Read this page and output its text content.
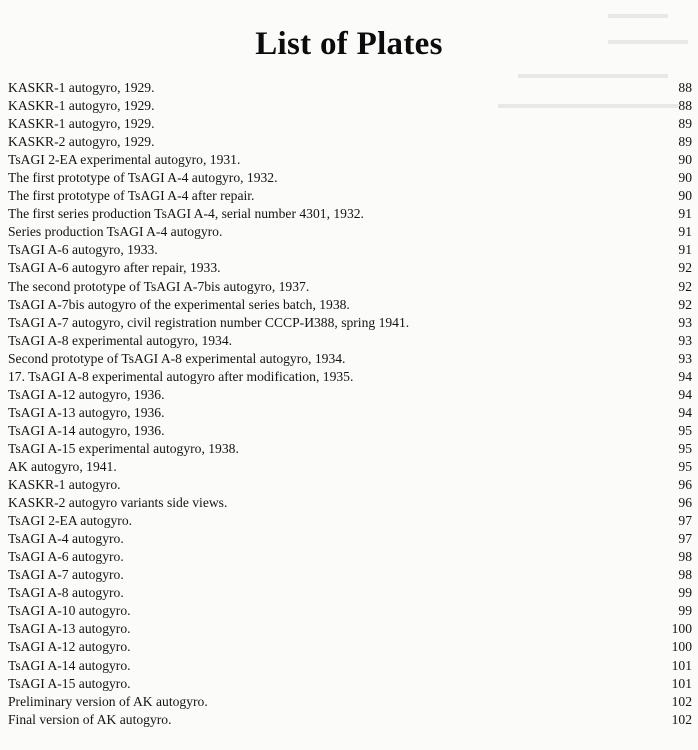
List of Plates
KASKR-1 autogyro, 1929.	88
KASKR-1 autogyro, 1929.	88
KASKR-1 autogyro, 1929.	89
KASKR-2 autogyro, 1929.	89
TsAGI 2-EA experimental autogyro, 1931.	90
The first prototype of TsAGI A-4 autogyro, 1932.	90
The first prototype of TsAGI A-4 after repair.	90
The first series production TsAGI A-4, serial number 4301, 1932.	91
Series production TsAGI A-4 autogyro.	91
TsAGI A-6 autogyro, 1933.	91
TsAGI A-6 autogyro after repair, 1933.	92
The second prototype of TsAGI A-7bis autogyro, 1937.	92
TsAGI A-7bis autogyro of the experimental series batch, 1938.	92
TsAGI A-7 autogyro, civil registration number СССР-И388, spring 1941.	93
TsAGI A-8 experimental autogyro, 1934.	93
Second prototype of TsAGI A-8 experimental autogyro, 1934.	93
17. TsAGI A-8 experimental autogyro after modification, 1935.	94
TsAGI A-12 autogyro, 1936.	94
TsAGI A-13 autogyro, 1936.	94
TsAGI A-14 autogyro, 1936.	95
TsAGI A-15 experimental autogyro, 1938.	95
AK autogyro, 1941.	95
KASKR-1 autogyro.	96
KASKR-2 autogyro variants side views.	96
TsAGI 2-EA autogyro.	97
TsAGI A-4 autogyro.	97
TsAGI A-6 autogyro.	98
TsAGI A-7 autogyro.	98
TsAGI A-8 autogyro.	99
TsAGI A-10 autogyro.	99
TsAGI A-13 autogyro.	100
TsAGI A-12 autogyro.	100
TsAGI A-14 autogyro.	101
TsAGI A-15 autogyro.	101
Preliminary version of AK autogyro.	102
Final version of AK autogyro.	102
